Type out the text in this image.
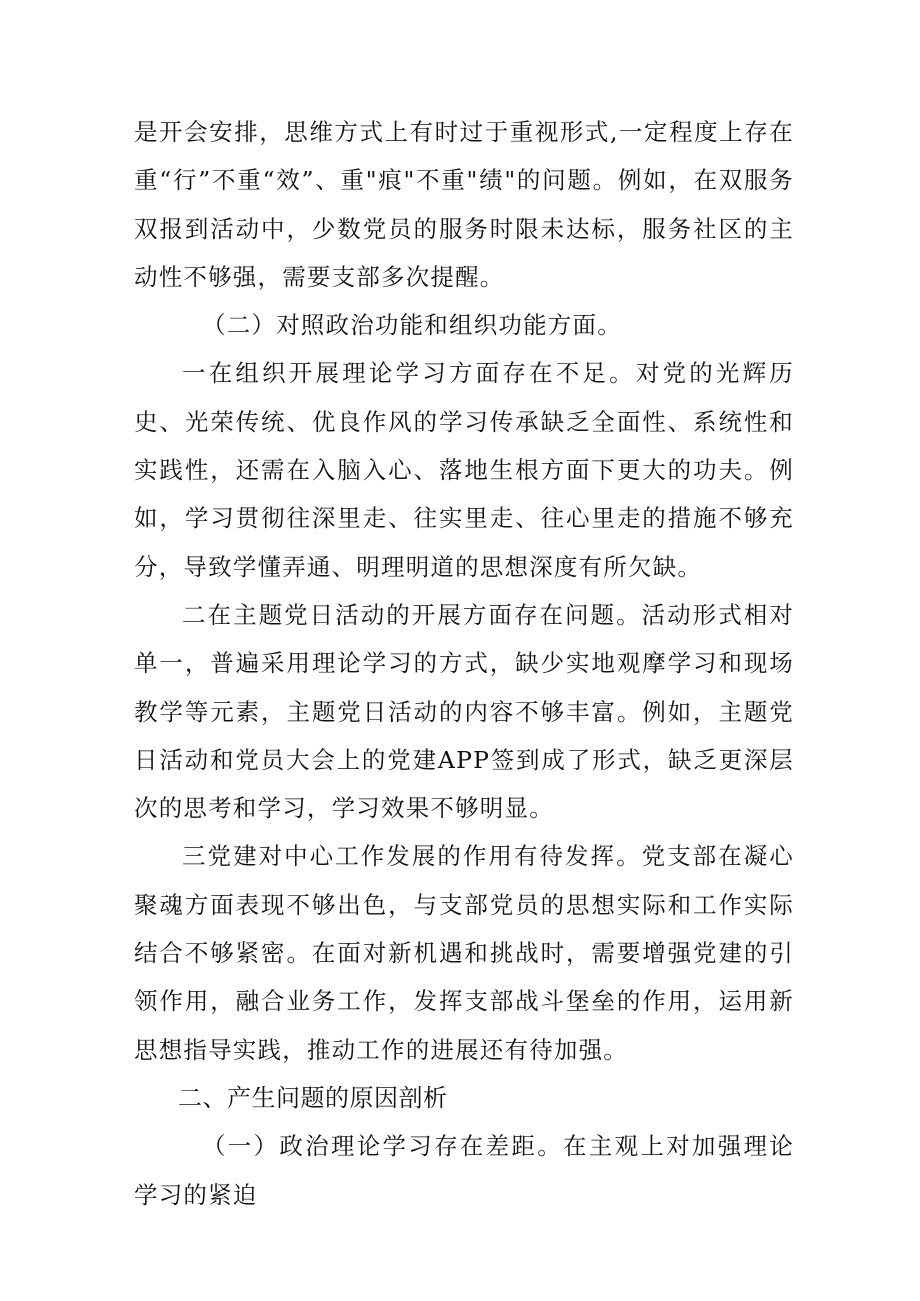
是开会安排，思维方式上有时过于重视形式,一定程度上存在重“行”不重“效”、重"痕"不重"绩"的问题。例如，在双服务双报到活动中，少数党员的服务时限未达标，服务社区的主动性不够强，需要支部多次提醒。

（二）对照政治功能和组织功能方面。

一在组织开展理论学习方面存在不足。对党的光辉历史、光荣传统、优良作风的学习传承缺乏全面性、系统性和实践性，还需在入脑入心、落地生根方面下更大的功夫。例如，学习贯彻往深里走、往实里走、往心里走的措施不够充分，导致学懂弄通、明理明道的思想深度有所欠缺。

二在主题党日活动的开展方面存在问题。活动形式相对单一，普遍采用理论学习的方式，缺少实地观摩学习和现场教学等元素，主题党日活动的内容不够丰富。例如，主题党日活动和党员大会上的党建APP签到成了形式，缺乏更深层次的思考和学习，学习效果不够明显。

三党建对中心工作发展的作用有待发挥。党支部在凝心聚魂方面表现不够出色，与支部党员的思想实际和工作实际结合不够紧密。在面对新机遇和挑战时，需要增强党建的引领作用，融合业务工作，发挥支部战斗堡垒的作用，运用新思想指导实践，推动工作的进展还有待加强。

二、产生问题的原因剖析

（一）政治理论学习存在差距。在主观上对加强理论学习的紧迫
